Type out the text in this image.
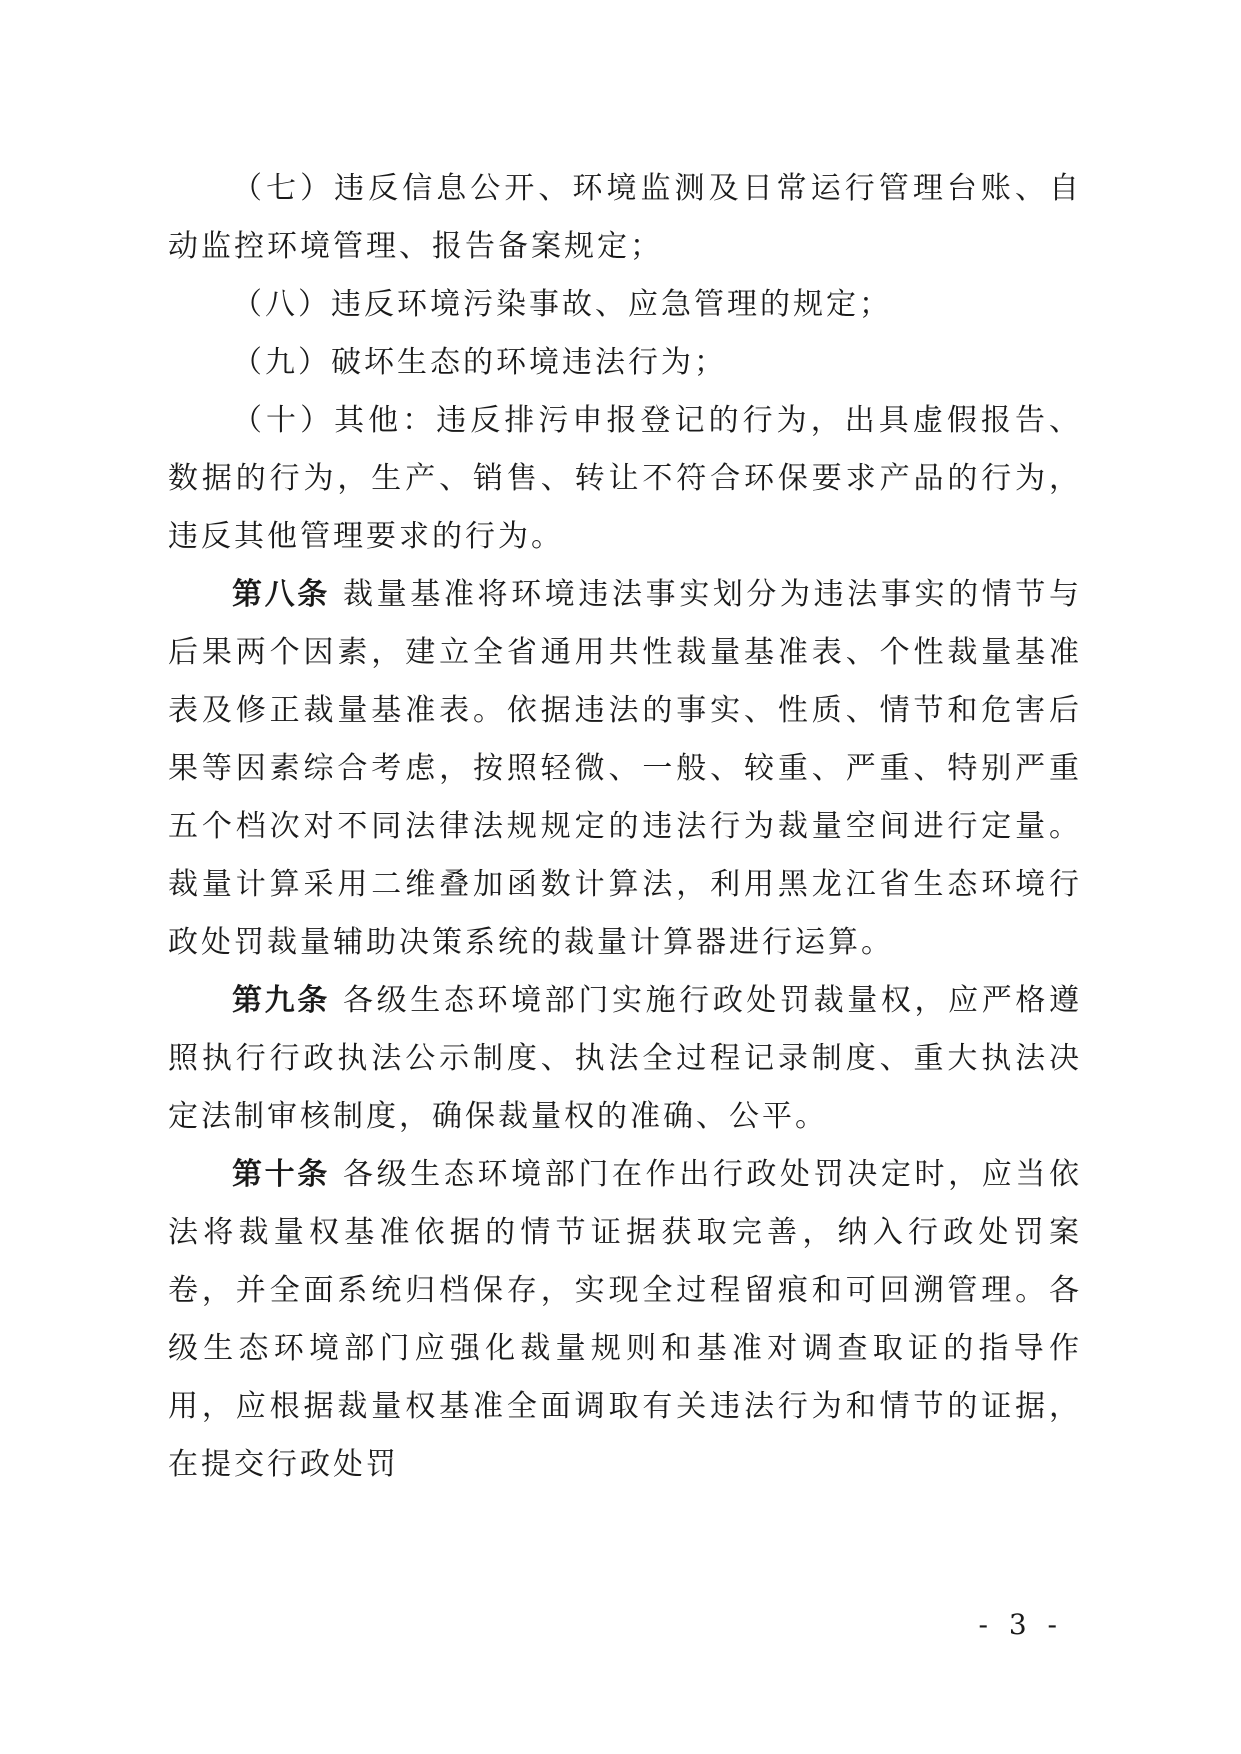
（七）违反信息公开、环境监测及日常运行管理台账、自动监控环境管理、报告备案规定；

（八）违反环境污染事故、应急管理的规定；

（九）破坏生态的环境违法行为；

（十）其他：违反排污申报登记的行为，出具虚假报告、数据的行为，生产、销售、转让不符合环保要求产品的行为，违反其他管理要求的行为。

第八条 裁量基准将环境违法事实划分为违法事实的情节与后果两个因素，建立全省通用共性裁量基准表、个性裁量基准表及修正裁量基准表。依据违法的事实、性质、情节和危害后果等因素综合考虑，按照轻微、一般、较重、严重、特别严重五个档次对不同法律法规规定的违法行为裁量空间进行定量。裁量计算采用二维叠加函数计算法，利用黑龙江省生态环境行政处罚裁量辅助决策系统的裁量计算器进行运算。

第九条 各级生态环境部门实施行政处罚裁量权，应严格遵照执行行政执法公示制度、执法全过程记录制度、重大执法决定法制审核制度，确保裁量权的准确、公平。

第十条 各级生态环境部门在作出行政处罚决定时，应当依法将裁量权基准依据的情节证据获取完善，纳入行政处罚案卷，并全面系统归档保存，实现全过程留痕和可回溯管理。各级生态环境部门应强化裁量规则和基准对调查取证的指导作用，应根据裁量权基准全面调取有关违法行为和情节的证据，在提交行政处罚

- 3 -
